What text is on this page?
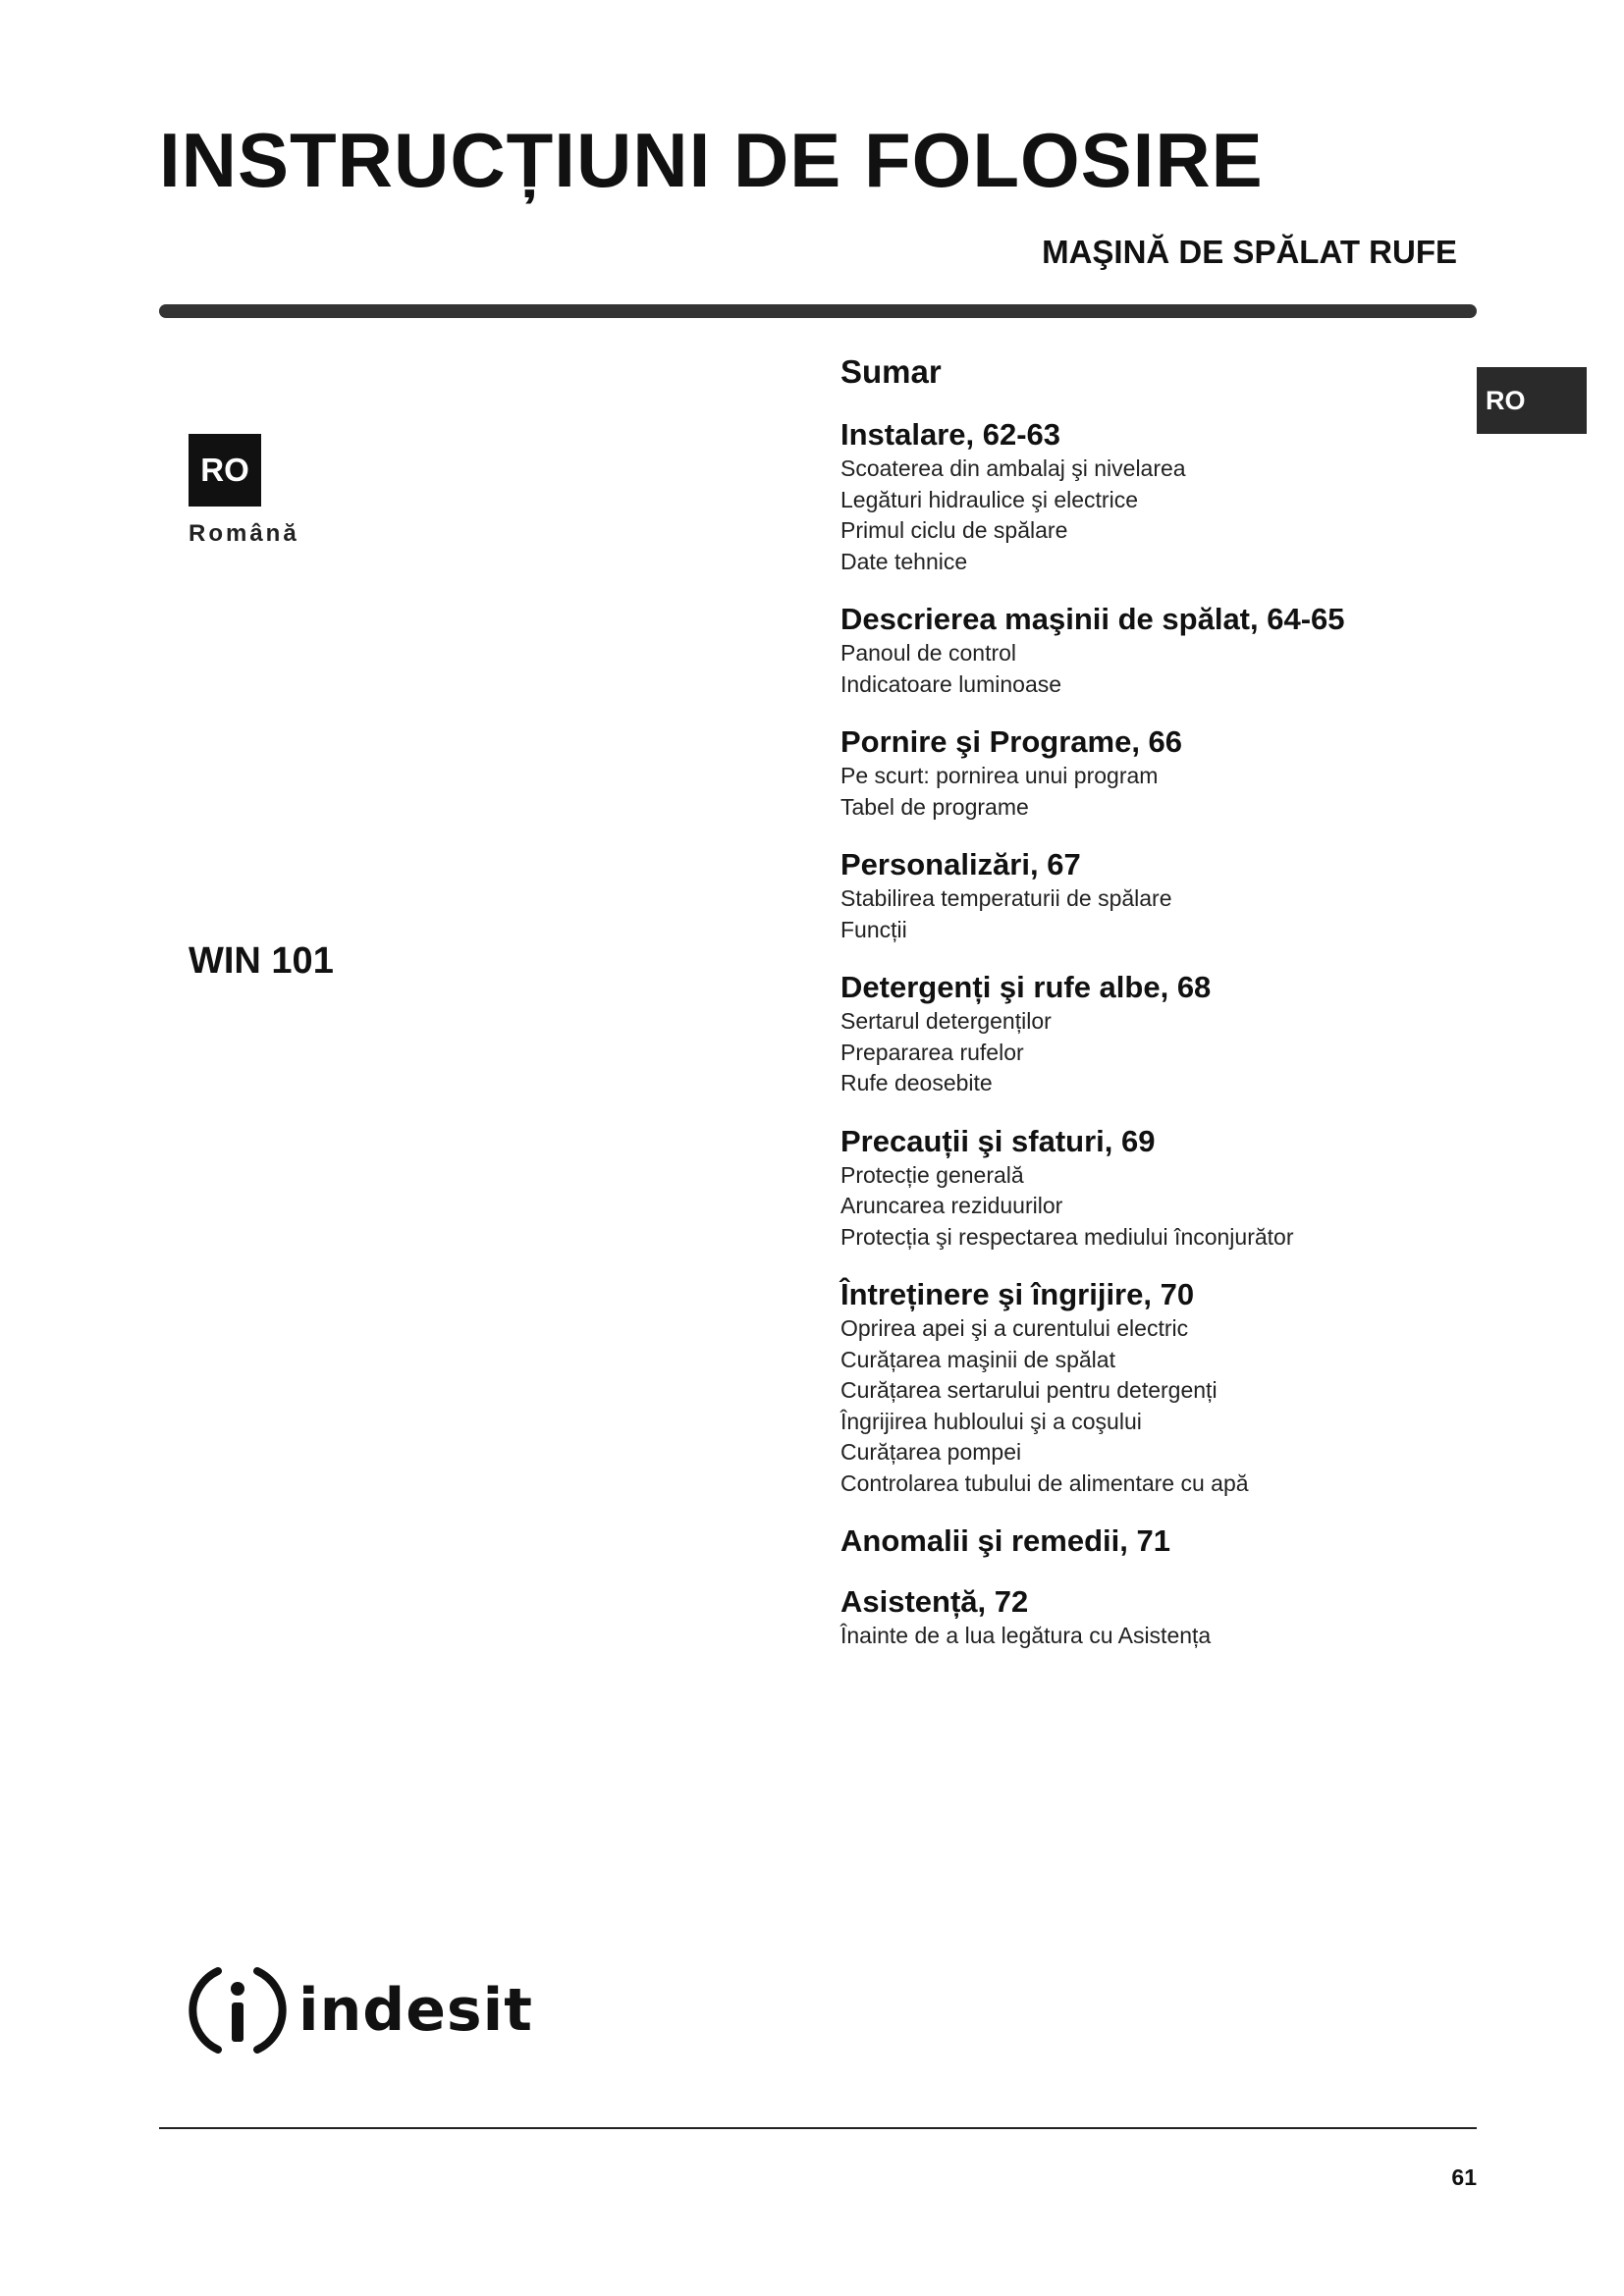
INSTRUCȚIUNI DE FOLOSIRE
MAŞINĂ DE SPĂLAT RUFE
RO
RO
Română
WIN 101
Sumar
Instalare, 62-63
Scoaterea din ambalaj şi nivelarea
Legături hidraulice şi electrice
Primul ciclu de spălare
Date tehnice
Descrierea maşinii de spălat, 64-65
Panoul de control
Indicatoare luminoase
Pornire şi Programe, 66
Pe scurt: pornirea unui program
Tabel de programe
Personalizări, 67
Stabilirea temperaturii de spălare
Funcții
Detergenți şi rufe albe, 68
Sertarul detergenților
Prepararea rufelor
Rufe deosebite
Precauții şi sfaturi, 69
Protecție generală
Aruncarea reziduurilor
Protecția şi respectarea mediului înconjurător
Întreținere şi îngrijire, 70
Oprirea apei şi a curentului electric
Curățarea maşinii de spălat
Curățarea sertarului pentru detergenți
Îngrijirea hubloului şi a coşului
Curățarea pompei
Controlarea tubului de alimentare cu apă
Anomalii şi remedii, 71
Asistență, 72
Înainte de a lua legătura cu Asistența
indesit
61
